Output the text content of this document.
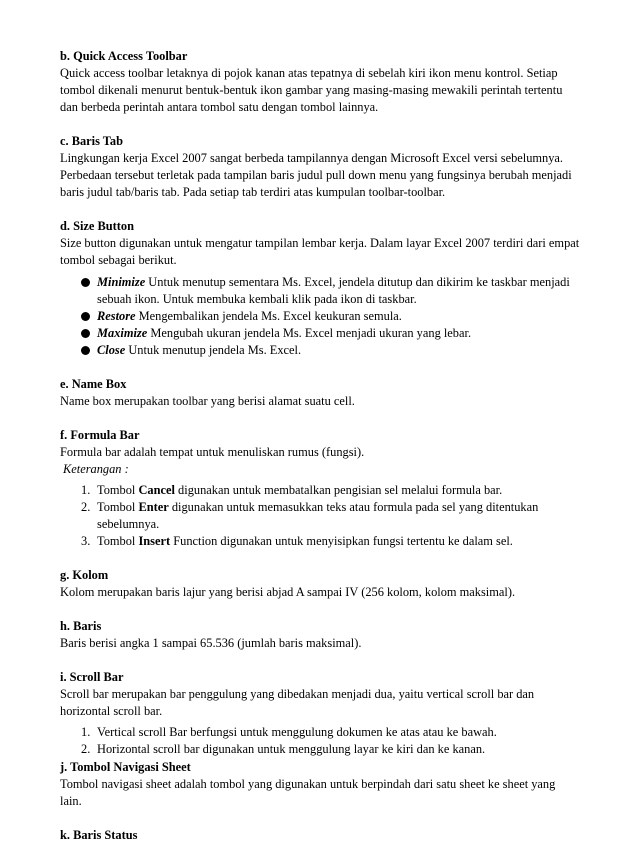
b. Quick Access Toolbar

Quick access toolbar letaknya di pojok kanan atas tepatnya di sebelah kiri ikon menu kontrol. Setiap tombol dikenali menurut bentuk-bentuk ikon gambar yang masing-masing mewakili perintah tertentu dan berbeda perintah antara tombol satu dengan tombol lainnya.

c. Baris Tab

Lingkungan kerja Excel 2007 sangat berbeda tampilannya dengan Microsoft Excel versi sebelumnya. Perbedaan tersebut terletak pada tampilan baris judul pull down menu yang fungsinya berubah menjadi baris judul tab/baris tab. Pada setiap tab terdiri atas kumpulan toolbar-toolbar.

d. Size Button

Size button digunakan untuk mengatur tampilan lembar kerja. Dalam layar Excel 2007 terdiri dari empat tombol sebagai berikut.

Minimize Untuk menutup sementara Ms. Excel, jendela ditutup dan dikirim ke taskbar menjadi sebuah ikon. Untuk membuka kembali klik pada ikon di taskbar.
Restore Mengembalikan jendela Ms. Excel keukuran semula.
Maximize Mengubah ukuran jendela Ms. Excel menjadi ukuran yang lebar.
Close Untuk menutup jendela Ms. Excel.

e. Name Box

Name box merupakan toolbar yang berisi alamat suatu cell.

f. Formula Bar

Formula bar adalah tempat untuk menuliskan rumus (fungsi).

Keterangan :

1. Tombol Cancel digunakan untuk membatalkan pengisian sel melalui formula bar.
2. Tombol Enter digunakan untuk memasukkan teks atau formula pada sel yang ditentukan sebelumnya.
3. Tombol Insert Function digunakan untuk menyisipkan fungsi tertentu ke dalam sel.

g. Kolom

Kolom merupakan baris lajur yang berisi abjad A sampai IV (256 kolom, kolom maksimal).

h. Baris

Baris berisi angka 1 sampai 65.536 (jumlah baris maksimal).

i. Scroll Bar

Scroll bar merupakan bar penggulung yang dibedakan menjadi dua, yaitu vertical scroll bar dan horizontal scroll bar.

1. Vertical scroll Bar berfungsi untuk menggulung dokumen ke atas atau ke bawah.
2. Horizontal scroll bar digunakan untuk menggulung layar ke kiri dan ke kanan.

j. Tombol Navigasi Sheet

Tombol navigasi sheet adalah tombol yang digunakan untuk berpindah dari satu sheet ke sheet yang lain.

k. Baris Status
